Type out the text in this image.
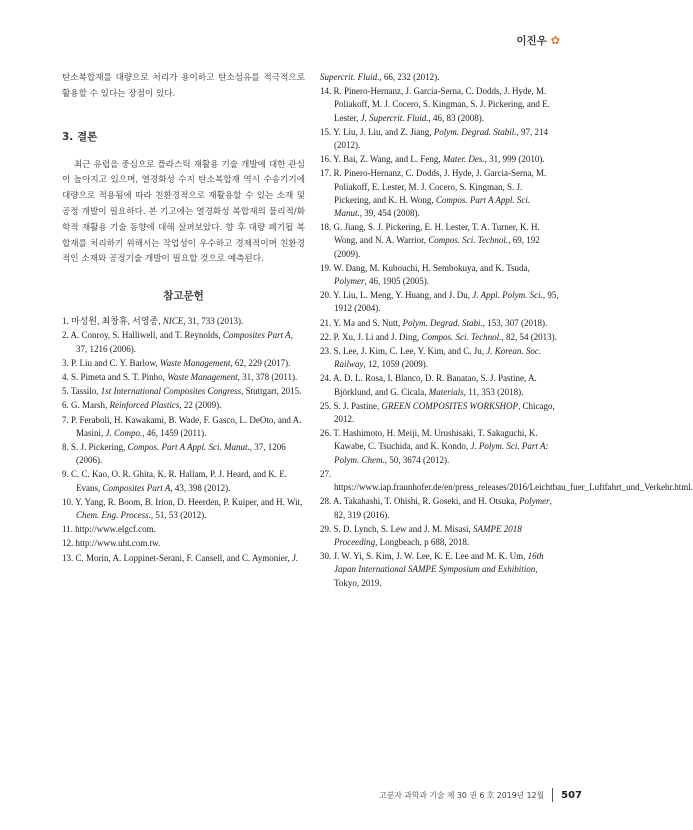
이진우 ✿

탄소복합재를 대량으로 처리가 용이하고 탄소섬유를 적극적으로 활용할 수 있다는 장점이 있다.

3. 결론

최근 유럽을 중심으로 플라스틱 재활용 기술 개발에 대한 관심이 높아지고 있으며, 열경화성 수지 탄소복합재 역시 수송기기에 대량으로 적용됨에 따라 친환경적으로 재활용할 수 있는 소재 및 공정 개발이 필요하다. 본 기고에는 열경화성 복합재의 물리적/화학적 재활용 기술 동향에 대해 살펴보았다. 향 후 대량 폐기될 복합재를 처리하기 위해서는 작업성이 우수하고 경제적이며 친환경적인 소재와 공정기술 개발이 필요할 것으로 예측된다.

참고문헌

1. 마성원, 최창휴, 서영종, NICE, 31, 733 (2013).

2. A. Conroy, S. Halliwell, and T. Reynolds, Composites Part A, 37, 1216 (2006).

3. P. Liu and C. Y. Barlow, Waste Management, 62, 229 (2017).

4. S. Pimeta and S. T. Pinho, Waste Management, 31, 378 (2011).

5. Tassilo, 1st International Composites Congress, Stuttgart, 2015.

6. G. Marsh, Reinforced Plastics, 22 (2009).

7. P. Feraboli, H. Kawakami, B. Wade, F. Gasco, L. DeOto, and A. Masini, J. Compo., 46, 1459 (2011).

8. S. J. Pickering, Compos. Part A Appl. Sci. Manut., 37, 1206 (2006).

9. C. C. Kao, O. R. Ghita, K. R. Hallam, P. J. Heard, and K. E. Evans, Composites Part A, 43, 398 (2012).

10. Y. Yang, R. Boom, B. Irion, D. Heerden, P. Kuiper, and H. Wit, Chem. Eng. Process., 51, 53 (2012).

11. http://www.elgcf.com.

12. http://www.uht.com.tw.

13. C. Morin, A. Loppinet-Serani, F. Cansell, and C. Aymonier, J.

Supercrit. Fluid., 66, 232 (2012).

14. R. Pinero-Hernanz, J. Garcia-Serna, C. Dodds, J. Hyde, M. Poliakoff, M. J. Cocero, S. Kingman, S. J. Pickering, and E. Lester, J. Supercrit. Fluid., 46, 83 (2008).

15. Y. Liu, J. Liu, and Z. Jiang, Polym. Degrad. Stabil., 97, 214 (2012).

16. Y. Bai, Z. Wang, and L. Feng, Mater. Des., 31, 999 (2010).

17. R. Pinero-Hernanz, C. Dodds, J. Hyde, J. Garcia-Serna, M. Poliakoff, E. Lester, M. J. Cocero, S. Kingman, S. J. Pickering, and K. H. Wong, Compos. Part A Appl. Sci. Manut., 39, 454 (2008).

18. G. Jiang, S. J. Pickering, E. H. Lester, T. A. Turner, K. H. Wong, and N. A. Warrior, Compos. Sci. Technol., 69, 192 (2009).

19. W. Dang, M. Kubouchi, H. Sembokuya, and K. Tsuda, Polymer, 46, 1905 (2005).

20. Y. Liu, L. Meng, Y. Huang, and J. Du, J. Appl. Polym. Sci., 95, 1912 (2004).

21. Y. Ma and S. Nutt, Polym. Degrad. Stabi., 153, 307 (2018).

22. P. Xu, J. Li and J. Ding, Compos. Sci. Technol., 82, 54 (2013).

23. S. Lee, J. Kim, C. Lee, Y. Kim, and C. Ju, J. Korean. Soc. Railway, 12, 1059 (2009).

24. A. D. L. Rosa, I. Blanco, D. R. Banatao, S. J. Pastine, A. Björklund, and G. Cicala, Materials, 11, 353 (2018).

25. S. J. Pastine, GREEN COMPOSITES WORKSHOP, Chicago, 2012.

26. T. Hashimoto, H. Meiji, M. Urushisaki, T. Sakaguchi, K. Kawabe, C. Tsuchida, and K. Kondo, J. Polym. Sci. Part A: Polym. Chem., 50, 3674 (2012).

27. https://www.iap.fraunhofer.de/en/press_releases/2016/Leichtbau_fuer_Luftfahrt_und_Verkehr.html.

28. A. Takahashi, T. Ohishi, R. Goseki, and H. Otsuka, Polymer, 82, 319 (2016).

29. S. D. Lynch, S. Lew and J. M. Misasi, SAMPE 2018 Proceeding, Longbeach, p 688, 2018.

30. J. W. Yi, S. Kim, J. W. Lee, K. E. Lee and M. K. Um, 16th Japan International SAMPE Symposium and Exhibition, Tokyo, 2019.

고분자 과학과 기술 제 30 권 6 호 2019년 12월 507
